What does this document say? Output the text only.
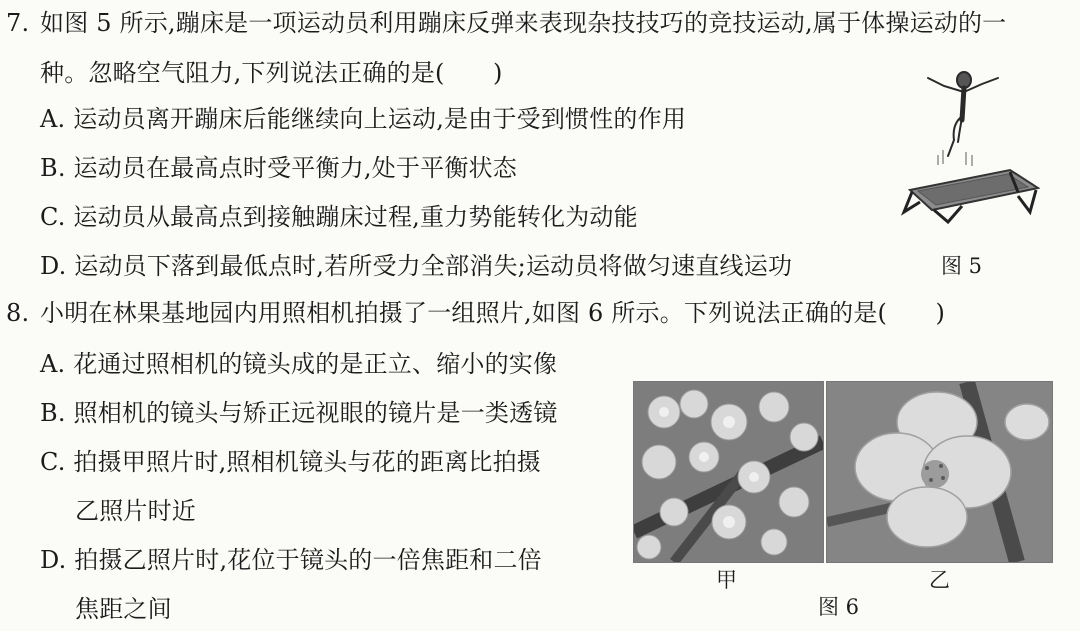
7. 如图 5 所示,蹦床是一项运动员利用蹦床反弹来表现杂技技巧的竞技运动,属于体操运动的一
种。忽略空气阻力,下列说法正确的是(　　)
A. 运动员离开蹦床后能继续向上运动,是由于受到惯性的作用
B. 运动员在最高点时受平衡力,处于平衡状态
C. 运动员从最高点到接触蹦床过程,重力势能转化为动能
D. 运动员下落到最低点时,若所受力全部消失;运动员将做匀速直线运功	图 5
8. 小明在林果基地园内用照相机拍摄了一组照片,如图 6 所示。下列说法正确的是(　　)
A. 花通过照相机的镜头成的是正立、缩小的实像
B. 照相机的镜头与矫正远视眼的镜片是一类透镜
C. 拍摄甲照片时,照相机镜头与花的距离比拍摄
乙照片时近
D. 拍摄乙照片时,花位于镜头的一倍焦距和二倍
焦距之间
甲	乙
图 6
